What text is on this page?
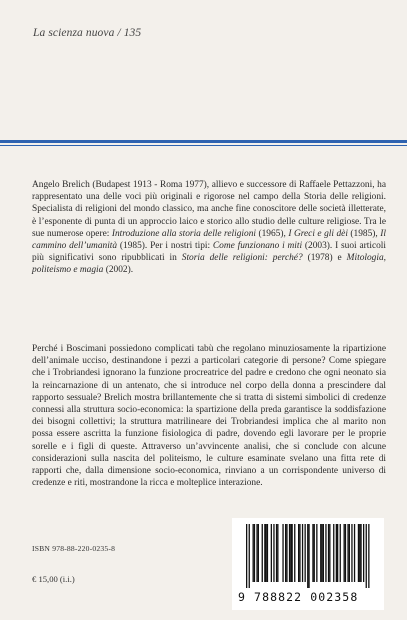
La scienza nuova / 135
Angelo Brelich (Budapest 1913 - Roma 1977), allievo e successore di Raffaele Pettazzoni, ha rappresentato una delle voci più originali e rigorose nel campo della Storia delle religioni. Specialista di religioni del mondo classico, ma anche fine conoscitore delle società illetterate, è l’esponente di punta di un approccio laico e storico allo studio delle culture religiose. Tra le sue numerose opere: Introduzione alla storia delle religioni (1965), I Greci e gli dèi (1985), Il cammino dell’umanità (1985). Per i nostri tipi: Come funzionano i miti (2003). I suoi articoli più significativi sono ripubblicati in Storia delle religioni: perché? (1978) e Mitologia, politeismo e magia (2002).
Perché i Boscimani possiedono complicati tabù che regolano minuziosamente la ripartizione dell’animale ucciso, destinandone i pezzi a particolari categorie di persone? Come spiegare che i Trobriandesi ignorano la funzione procreatrice del padre e credono che ogni neonato sia la reincarnazione di un antenato, che si introduce nel corpo della donna a prescindere dal rapporto sessuale? Brelich mostra brillantemente che si tratta di sistemi simbolici di credenze connessi alla struttura socio-economica: la spartizione della preda garantisce la soddisfazione dei bisogni collettivi; la struttura matrilineare dei Trobriandesi implica che al marito non possa essere ascritta la funzione fisiologica di padre, dovendo egli lavorare per le proprie sorelle e i figli di queste. Attraverso un’avvincente analisi, che si conclude con alcune considerazioni sulla nascita del politeismo, le culture esaminate svelano una fitta rete di rapporti che, dalla dimensione socio-economica, rinviano a un corrispondente universo di credenze e riti, mostrandone la ricca e molteplice interazione.
ISBN 978-88-220-0235-8
€ 15,00 (i.i.)
9 788822 002358
